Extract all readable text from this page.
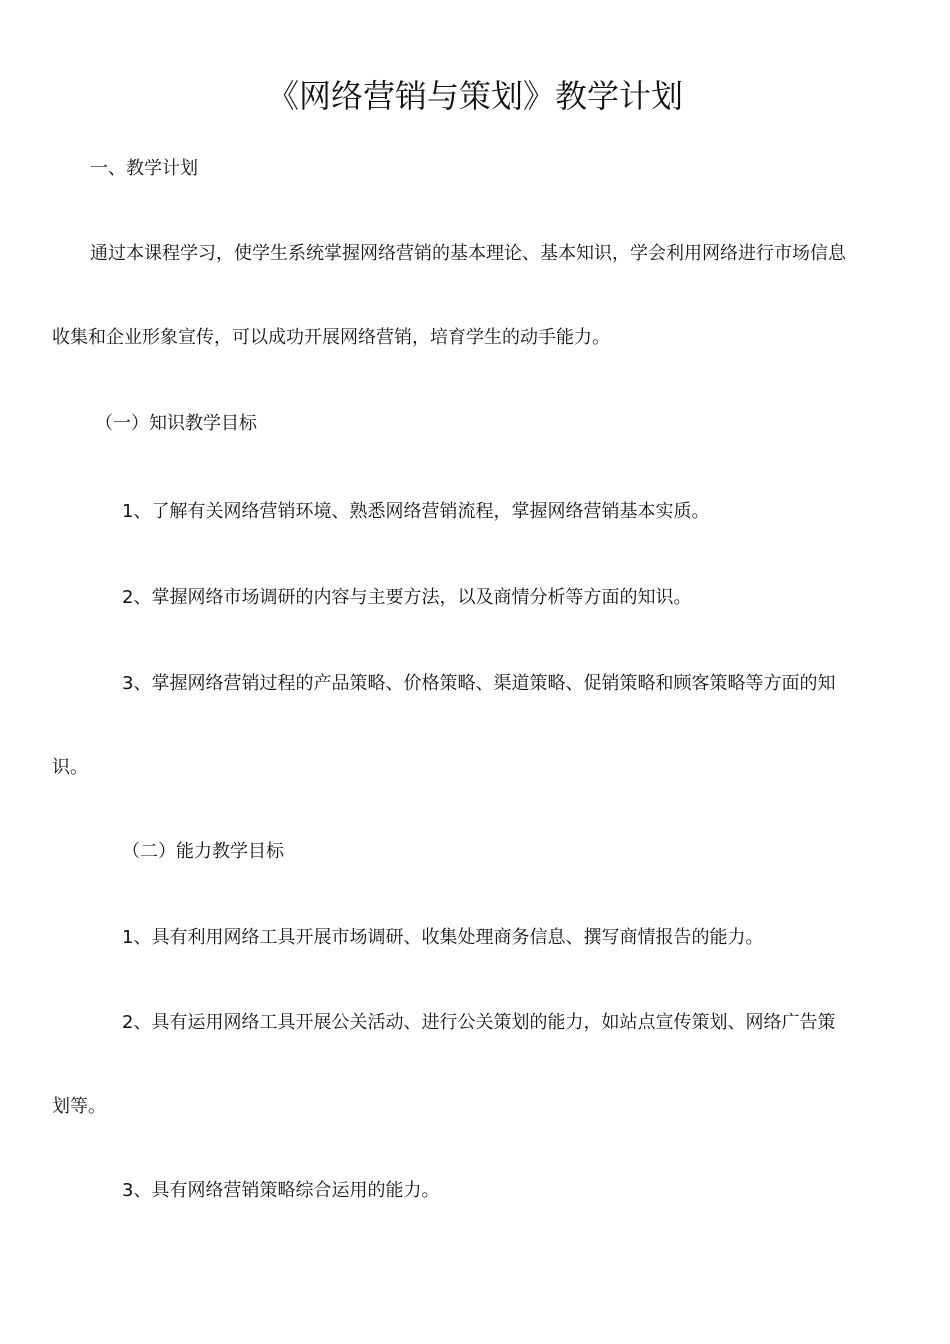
《网络营销与策划》教学计划

一、教学计划

通过本课程学习，使学生系统掌握网络营销的基本理论、基本知识，学会利用网络进行市场信息

收集和企业形象宣传，可以成功开展网络营销，培育学生的动手能力。

（一）知识教学目标

1、了解有关网络营销环境、熟悉网络营销流程，掌握网络营销基本实质。

2、掌握网络市场调研的内容与主要方法，以及商情分析等方面的知识。

3、掌握网络营销过程的产品策略、价格策略、渠道策略、促销策略和顾客策略等方面的知

识。

（二）能力教学目标

1、具有利用网络工具开展市场调研、收集处理商务信息、撰写商情报告的能力。

2、具有运用网络工具开展公关活动、进行公关策划的能力，如站点宣传策划、网络广告策

划等。

3、具有网络营销策略综合运用的能力。
